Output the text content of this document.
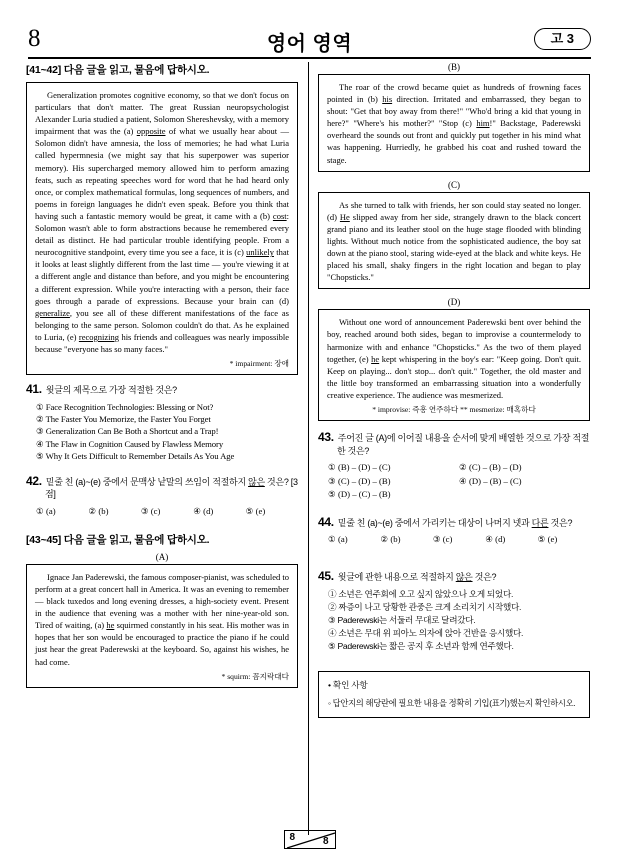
8	영어 영역	고 3
[41~42] 다음 글을 읽고, 물음에 답하시오.

Generalization promotes cognitive economy, so that we don't focus on particulars that don't matter. The great Russian neuropsychologist Alexander Luria studied a patient, Solomon Shereshevsky, with a memory impairment that was the (a) opposite of what we usually hear about — Solomon didn't have amnesia, the loss of memories; he had what Luria called hypermnesia (we might say that his superpower was superior memory). His supercharged memory allowed him to perform amazing feats, such as repeating speeches word for word that he had heard only once, or complex mathematical formulas, long sequences of numbers, and poems in foreign languages he didn't even speak. Before you think that having such a fantastic memory would be great, it came with a (b) cost: Solomon wasn't able to form abstractions because he remembered every detail as distinct. He had particular trouble identifying people. From a neurocognitive standpoint, every time you see a face, it is (c) unlikely that it looks at least slightly different from the last time — you're viewing it at a different angle and distance than before, and you might be encountering a different expression. While you're interacting with a person, their face goes through a parade of expressions. Because your brain can (d) generalize, you see all of these different manifestations of the face as belonging to the same person. Solomon couldn't do that. As he explained to Luria, (e) recognizing his friends and colleagues was nearly impossible because "everyone has so many faces."

* impairment: 장애

41. 윗글의 제목으로 가장 적절한 것은?

① Face Recognition Technologies: Blessing or Not?
② The Faster You Memorize, the Faster You Forget
③ Generalization Can Be Both a Shortcut and a Trap!
④ The Flaw in Cognition Caused by Flawless Memory
⑤ Why It Gets Difficult to Remember Details As You Age

42. 밑줄 친 (a)~(e) 중에서 문맥상 낱말의 쓰임이 적절하지 않은 것은? [3점]

① (a)	② (b)	③ (c)	④ (d)	⑤ (e)
[43~45] 다음 글을 읽고, 물음에 답하시오.
(A)

Ignace Jan Paderewski, the famous composer-pianist, was scheduled to perform at a great concert hall in America. It was an evening to remember — black tuxedos and long evening dresses, a high-society event. Present in the audience that evening was a mother with her nine-year-old son. Tired of waiting, (a) he squirmed constantly in his seat. His mother was in hopes that her son would be encouraged to practice the piano if he could just hear the great Paderewski at the keyboard. So, against his wishes, he had come.

* squirm: 꼼지락대다

(B)

The roar of the crowd became quiet as hundreds of frowning faces pointed in (b) his direction. Irritated and embarrassed, they began to shout: "Get that boy away from there!" "Who'd bring a kid that young in here?" "Where's his mother?" "Stop (c) him!" Backstage, Paderewski overheard the sounds out front and quickly put together in his mind what was happening. Hurriedly, he grabbed his coat and rushed toward the stage.

(C)

As she turned to talk with friends, her son could stay seated no longer. (d) He slipped away from her side, strangely drawn to the black concert grand piano and its leather stool on the huge stage flooded with blinding lights. Without much notice from the sophisticated audience, the boy sat down at the piano stool, staring wide-eyed at the black and white keys. He placed his small, shaky fingers in the right location and began to play "Chopsticks."

(D)

Without one word of announcement Paderewski bent over behind the boy, reached around both sides, began to improvise a countermelody to harmonize with and enhance "Chopsticks." As the two of them played together, (e) he kept whispering in the boy's ear: "Keep going. Don't quit. Keep on playing... don't stop... don't quit." Together, the old master and the little boy transformed an embarrassing situation into a wonderfully creative experience. The audience was mesmerized.

* improvise: 즉흥 연주하다 ** mesmerize: 매혹하다

43. 주어진 글 (A)에 이어질 내용을 순서에 맞게 배열한 것으로 가장 적절한 것은?

① (B) – (D) – (C)	② (C) – (B) – (D)
③ (C) – (D) – (B)	④ (D) – (B) – (C)
⑤ (D) – (C) – (B)

44. 밑줄 친 (a)~(e) 중에서 가리키는 대상이 나머지 넷과 다른 것은?

① (a)	② (b)	③ (c)	④ (d)	⑤ (e)

45. 윗글에 관한 내용으로 적절하지 않은 것은?

① 소년은 연주회에 오고 싶지 않았으나 오게 되었다.
② 짜증이 나고 당황한 관중은 크게 소리치기 시작했다.
③ Paderewski는 서둘러 무대로 달려갔다.
④ 소년은 무대 위 피아노 의자에 앉아 건반을 응시했다.
⑤ Paderewski는 짧은 공지 후 소년과 함께 연주했다.

• 확인 사항

◦ 답안지의 해당란에 필요한 내용을 정확히 기입(표기)했는지 확인하시오.

8	8
